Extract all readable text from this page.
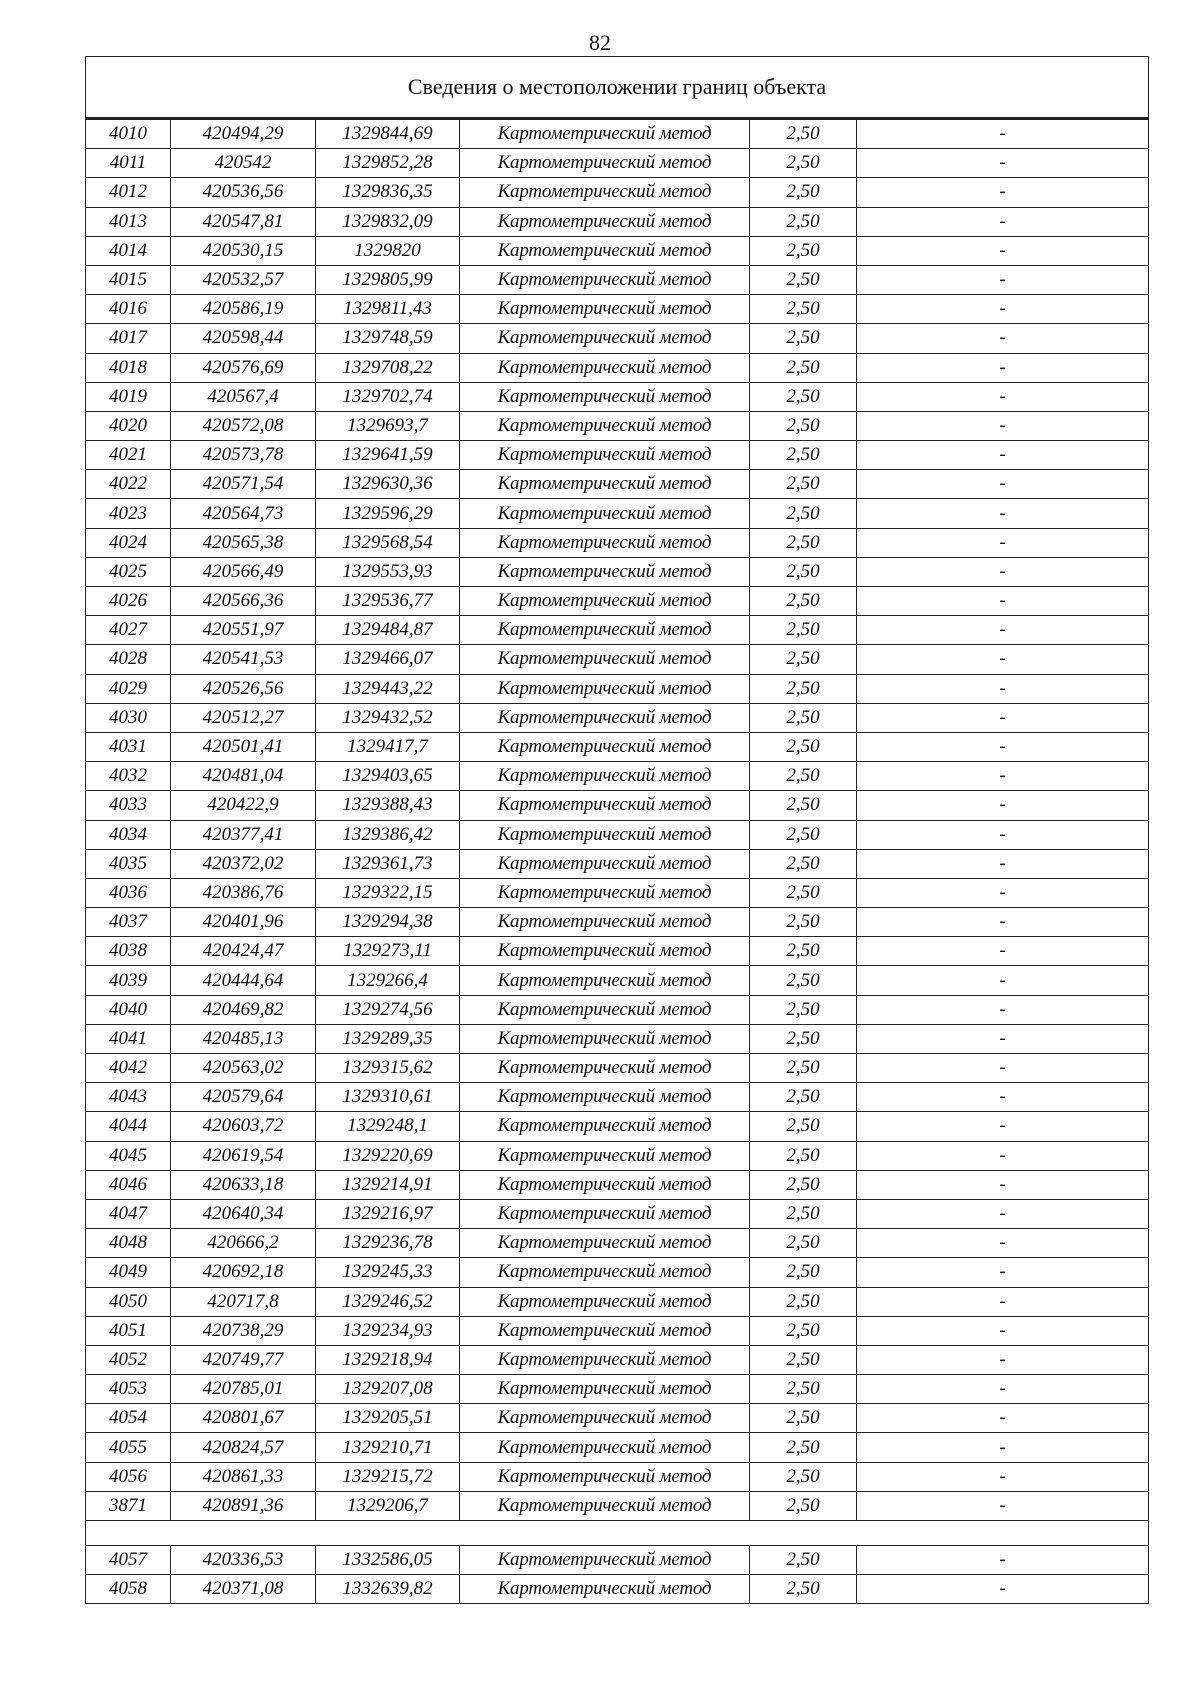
82
Сведения о местоположении границ объекта					
4010	420494,29	1329844,69	Картометрический метод	2,50	-
4011	420542	1329852,28	Картометрический метод	2,50	-
4012	420536,56	1329836,35	Картометрический метод	2,50	-
4013	420547,81	1329832,09	Картометрический метод	2,50	-
4014	420530,15	1329820	Картометрический метод	2,50	-
4015	420532,57	1329805,99	Картометрический метод	2,50	-
4016	420586,19	1329811,43	Картометрический метод	2,50	-
4017	420598,44	1329748,59	Картометрический метод	2,50	-
4018	420576,69	1329708,22	Картометрический метод	2,50	-
4019	420567,4	1329702,74	Картометрический метод	2,50	-
4020	420572,08	1329693,7	Картометрический метод	2,50	-
4021	420573,78	1329641,59	Картометрический метод	2,50	-
4022	420571,54	1329630,36	Картометрический метод	2,50	-
4023	420564,73	1329596,29	Картометрический метод	2,50	-
4024	420565,38	1329568,54	Картометрический метод	2,50	-
4025	420566,49	1329553,93	Картометрический метод	2,50	-
4026	420566,36	1329536,77	Картометрический метод	2,50	-
4027	420551,97	1329484,87	Картометрический метод	2,50	-
4028	420541,53	1329466,07	Картометрический метод	2,50	-
4029	420526,56	1329443,22	Картометрический метод	2,50	-
4030	420512,27	1329432,52	Картометрический метод	2,50	-
4031	420501,41	1329417,7	Картометрический метод	2,50	-
4032	420481,04	1329403,65	Картометрический метод	2,50	-
4033	420422,9	1329388,43	Картометрический метод	2,50	-
4034	420377,41	1329386,42	Картометрический метод	2,50	-
4035	420372,02	1329361,73	Картометрический метод	2,50	-
4036	420386,76	1329322,15	Картометрический метод	2,50	-
4037	420401,96	1329294,38	Картометрический метод	2,50	-
4038	420424,47	1329273,11	Картометрический метод	2,50	-
4039	420444,64	1329266,4	Картометрический метод	2,50	-
4040	420469,82	1329274,56	Картометрический метод	2,50	-
4041	420485,13	1329289,35	Картометрический метод	2,50	-
4042	420563,02	1329315,62	Картометрический метод	2,50	-
4043	420579,64	1329310,61	Картометрический метод	2,50	-
4044	420603,72	1329248,1	Картометрический метод	2,50	-
4045	420619,54	1329220,69	Картометрический метод	2,50	-
4046	420633,18	1329214,91	Картометрический метод	2,50	-
4047	420640,34	1329216,97	Картометрический метод	2,50	-
4048	420666,2	1329236,78	Картометрический метод	2,50	-
4049	420692,18	1329245,33	Картометрический метод	2,50	-
4050	420717,8	1329246,52	Картометрический метод	2,50	-
4051	420738,29	1329234,93	Картометрический метод	2,50	-
4052	420749,77	1329218,94	Картометрический метод	2,50	-
4053	420785,01	1329207,08	Картометрический метод	2,50	-
4054	420801,67	1329205,51	Картометрический метод	2,50	-
4055	420824,57	1329210,71	Картометрический метод	2,50	-
4056	420861,33	1329215,72	Картометрический метод	2,50	-
3871	420891,36	1329206,7	Картометрический метод	2,50	-

4057	420336,53	1332586,05	Картометрический метод	2,50	-
4058	420371,08	1332639,82	Картометрический метод	2,50	-
